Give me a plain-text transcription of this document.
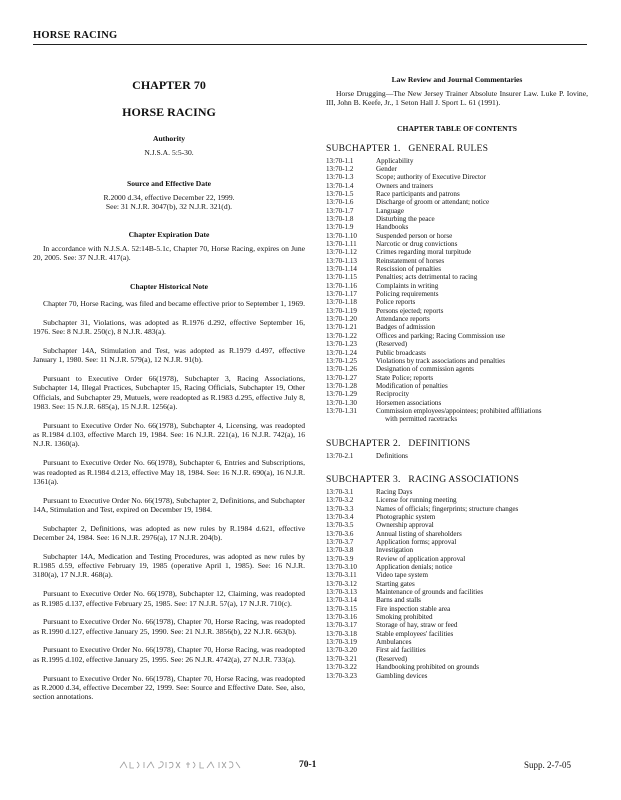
HORSE RACING
CHAPTER 70
HORSE RACING
Authority
N.J.S.A. 5:5-30.
Source and Effective Date
R.2000 d.34, effective December 22, 1999.
See: 31 N.J.R. 3047(b), 32 N.J.R. 321(d).
Chapter Expiration Date
In accordance with N.J.S.A. 52:14B-5.1c, Chapter 70, Horse Racing, expires on June 20, 2005. See: 37 N.J.R. 417(a).
Chapter Historical Note
Chapter 70, Horse Racing, was filed and became effective prior to September 1, 1969.
Subchapter 31, Violations, was adopted as R.1976 d.292, effective September 16, 1976. See: 8 N.J.R. 250(c), 8 N.J.R. 483(a).
Subchapter 14A, Stimulation and Test, was adopted as R.1979 d.497, effective January 1, 1980. See: 11 N.J.R. 579(a), 12 N.J.R. 91(b).
Pursuant to Executive Order 66(1978), Subchapter 3, Racing Associations, Subchapter 14, Illegal Practices, Subchapter 15, Racing Officials, Subchapter 19, Other Officials, and Subchapter 29, Mutuels, were readopted as R.1983 d.295, effective July 8, 1983. See: 15 N.J.R. 685(a), 15 N.J.R. 1256(a).
Pursuant to Executive Order No. 66(1978), Subchapter 4, Licensing, was readopted as R.1984 d.103, effective March 19, 1984. See: 16 N.J.R. 221(a), 16 N.J.R. 742(a), 16 N.J.R. 1360(a).
Pursuant to Executive Order No. 66(1978), Subchapter 6, Entries and Subscriptions, was readopted as R.1984 d.213, effective May 18, 1984. See: 16 N.J.R. 690(a), 16 N.J.R. 1361(a).
Pursuant to Executive Order No. 66(1978), Subchapter 2, Definitions, and Subchapter 14A, Stimulation and Test, expired on December 19, 1984.
Subchapter 2, Definitions, was adopted as new rules by R.1984 d.621, effective December 24, 1984. See: 16 N.J.R. 2976(a), 17 N.J.R. 204(b).
Subchapter 14A, Medication and Testing Procedures, was adopted as new rules by R.1985 d.59, effective February 19, 1985 (operative April 1, 1985). See: 16 N.J.R. 3180(a), 17 N.J.R. 468(a).
Pursuant to Executive Order No. 66(1978), Subchapter 12, Claiming, was readopted as R.1985 d.137, effective February 25, 1985. See: 17 N.J.R. 57(a), 17 N.J.R. 710(c).
Pursuant to Executive Order No. 66(1978), Chapter 70, Horse Racing, was readopted as R.1990 d.127, effective January 25, 1990. See: 21 N.J.R. 3856(b), 22 N.J.R. 663(b).
Pursuant to Executive Order No. 66(1978), Chapter 70, Horse Racing, was readopted as R.1995 d.102, effective January 25, 1995. See: 26 N.J.R. 4742(a), 27 N.J.R. 733(a).
Pursuant to Executive Order No. 66(1978), Chapter 70, Horse Racing, was readopted as R.2000 d.34, effective December 22, 1999. See: Source and Effective Date. See, also, section annotations.
Law Review and Journal Commentaries
Horse Drugging—The New Jersey Trainer Absolute Insurer Law. Luke P. Iovine, III, John B. Keefe, Jr., 1 Seton Hall J. Sport L. 61 (1991).
CHAPTER TABLE OF CONTENTS
SUBCHAPTER 1.   GENERAL RULES
13:70-1.1	Applicability
13:70-1.2	Gender
13:70-1.3	Scope; authority of Executive Director
13:70-1.4	Owners and trainers
13:70-1.5	Race participants and patrons
13:70-1.6	Discharge of groom or attendant; notice
13:70-1.7	Language
13:70-1.8	Disturbing the peace
13:70-1.9	Handbooks
13:70-1.10	Suspended person or horse
13:70-1.11	Narcotic or drug convictions
13:70-1.12	Crimes regarding moral turpitude
13:70-1.13	Reinstatement of horses
13:70-1.14	Rescission of penalties
13:70-1.15	Penalties; acts detrimental to racing
13:70-1.16	Complaints in writing
13:70-1.17	Policing requirements
13:70-1.18	Police reports
13:70-1.19	Persons ejected; reports
13:70-1.20	Attendance reports
13:70-1.21	Badges of admission
13:70-1.22	Offices and parking; Racing Commission use
13:70-1.23	(Reserved)
13:70-1.24	Public broadcasts
13:70-1.25	Violations by track associations and penalties
13:70-1.26	Designation of commission agents
13:70-1.27	State Police; reports
13:70-1.28	Modification of penalties
13:70-1.29	Reciprocity
13:70-1.30	Horsemen associations
13:70-1.31	Commission employees/appointees; prohibited affiliations
with permitted racetracks
SUBCHAPTER 2.   DEFINITIONS
13:70-2.1	Definitions
SUBCHAPTER 3.   RACING ASSOCIATIONS
13:70-3.1	Racing Days
13:70-3.2	License for running meeting
13:70-3.3	Names of officials; fingerprints; structure changes
13:70-3.4	Photographic system
13:70-3.5	Ownership approval
13:70-3.6	Annual listing of shareholders
13:70-3.7	Application forms; approval
13:70-3.8	Investigation
13:70-3.9	Review of application approval
13:70-3.10	Application denials; notice
13:70-3.11	Video tape system
13:70-3.12	Starting gates
13:70-3.13	Maintenance of grounds and facilities
13:70-3.14	Barns and stalls
13:70-3.15	Fire inspection stable area
13:70-3.16	Smoking prohibited
13:70-3.17	Storage of hay, straw or feed
13:70-3.18	Stable employees' facilities
13:70-3.19	Ambulances
13:70-3.20	First aid facilities
13:70-3.21	(Reserved)
13:70-3.22	Handbooking prohibited on grounds
13:70-3.23	Gambling devices
70-1	Supp. 2-7-05
